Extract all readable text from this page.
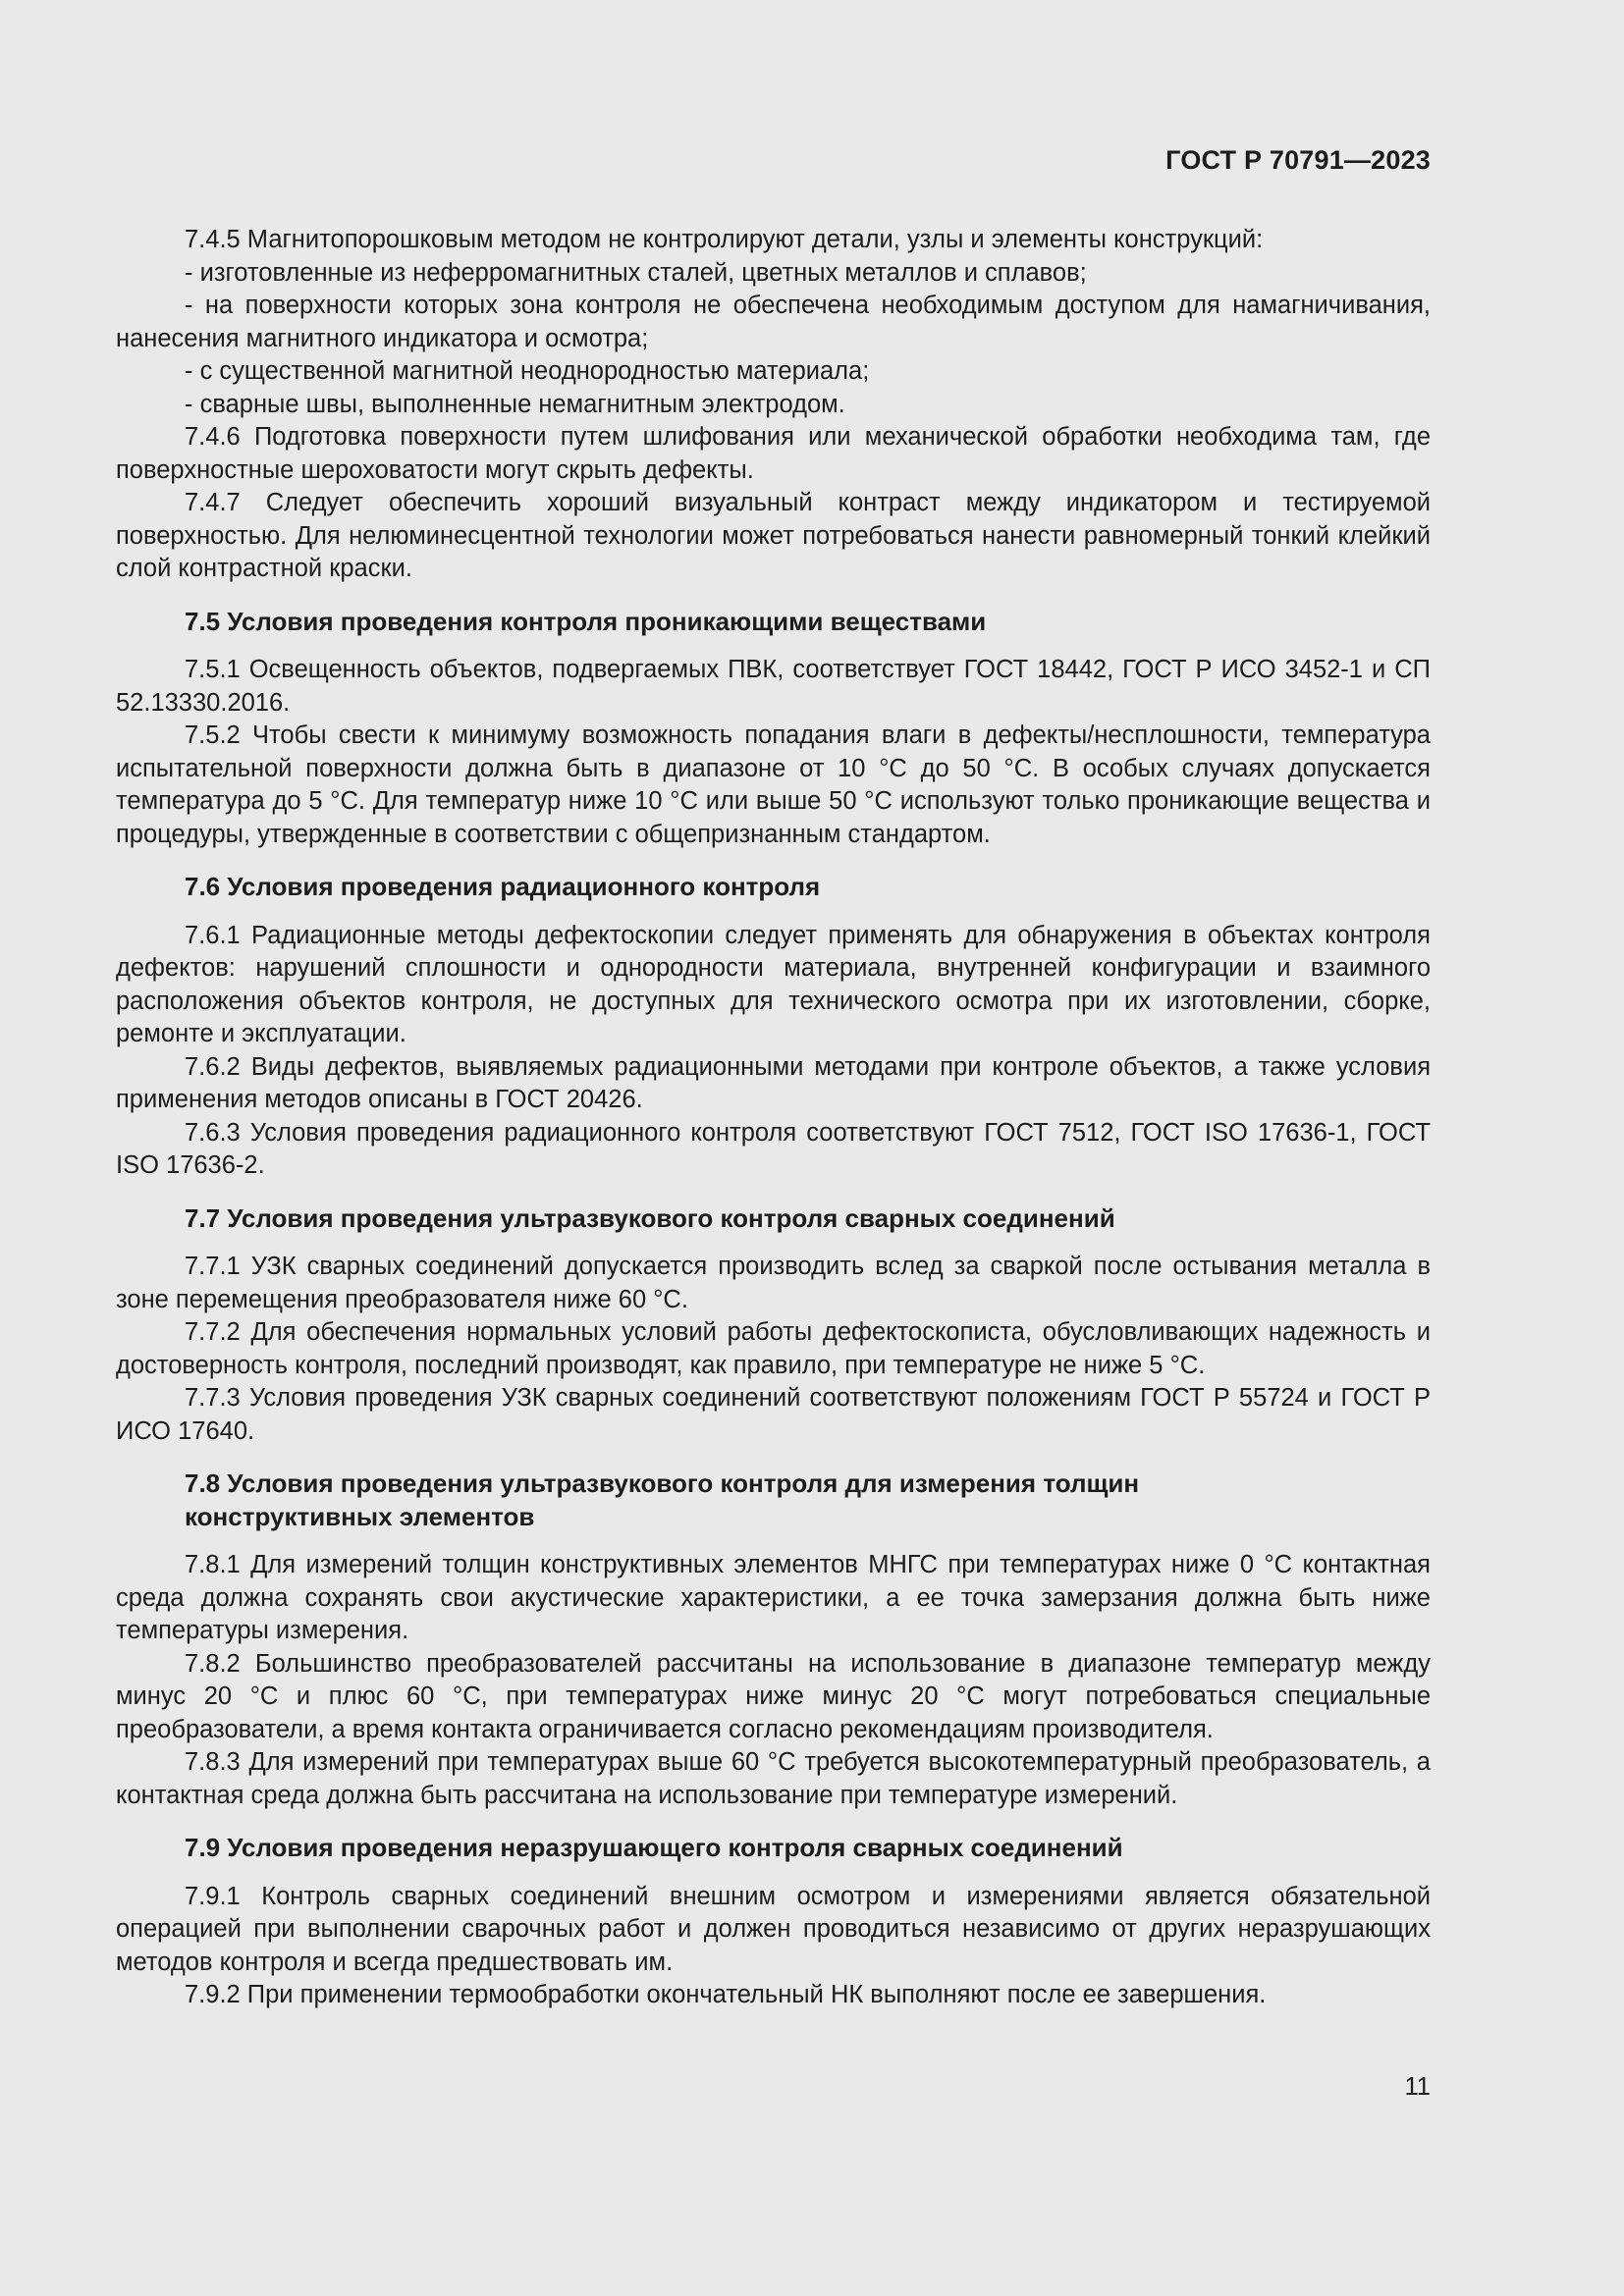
ГОСТ Р 70791—2023

7.4.5 Магнитопорошковым методом не контролируют детали, узлы и элементы конструкций:

- изготовленные из неферромагнитных сталей, цветных металлов и сплавов;

- на поверхности которых зона контроля не обеспечена необходимым доступом для намагничивания, нанесения магнитного индикатора и осмотра;

- с существенной магнитной неоднородностью материала;

- сварные швы, выполненные немагнитным электродом.

7.4.6 Подготовка поверхности путем шлифования или механической обработки необходима там, где поверхностные шероховатости могут скрыть дефекты.

7.4.7 Следует обеспечить хороший визуальный контраст между индикатором и тестируемой поверхностью. Для нелюминесцентной технологии может потребоваться нанести равномерный тонкий клейкий слой контрастной краски.

7.5 Условия проведения контроля проникающими веществами

7.5.1 Освещенность объектов, подвергаемых ПВК, соответствует ГОСТ 18442, ГОСТ Р ИСО 3452-1 и СП 52.13330.2016.

7.5.2 Чтобы свести к минимуму возможность попадания влаги в дефекты/несплошности, температура испытательной поверхности должна быть в диапазоне от 10 °С до 50 °С. В особых случаях допускается температура до 5 °С. Для температур ниже 10 °С или выше 50 °С используют только проникающие вещества и процедуры, утвержденные в соответствии с общепризнанным стандартом.

7.6 Условия проведения радиационного контроля

7.6.1 Радиационные методы дефектоскопии следует применять для обнаружения в объектах контроля дефектов: нарушений сплошности и однородности материала, внутренней конфигурации и взаимного расположения объектов контроля, не доступных для технического осмотра при их изготовлении, сборке, ремонте и эксплуатации.

7.6.2 Виды дефектов, выявляемых радиационными методами при контроле объектов, а также условия применения методов описаны в ГОСТ 20426.

7.6.3 Условия проведения радиационного контроля соответствуют ГОСТ 7512, ГОСТ ISO 17636-1, ГОСТ ISO 17636-2.

7.7 Условия проведения ультразвукового контроля сварных соединений

7.7.1 УЗК сварных соединений допускается производить вслед за сваркой после остывания металла в зоне перемещения преобразователя ниже 60 °С.

7.7.2 Для обеспечения нормальных условий работы дефектоскописта, обусловливающих надежность и достоверность контроля, последний производят, как правило, при температуре не ниже 5 °С.

7.7.3 Условия проведения УЗК сварных соединений соответствуют положениям ГОСТ Р 55724 и ГОСТ Р ИСО 17640.

7.8 Условия проведения ультразвукового контроля для измерения толщин конструктивных элементов

7.8.1 Для измерений толщин конструктивных элементов МНГС при температурах ниже 0 °С контактная среда должна сохранять свои акустические характеристики, а ее точка замерзания должна быть ниже температуры измерения.

7.8.2 Большинство преобразователей рассчитаны на использование в диапазоне температур между минус 20 °С и плюс 60 °С, при температурах ниже минус 20 °С могут потребоваться специальные преобразователи, а время контакта ограничивается согласно рекомендациям производителя.

7.8.3 Для измерений при температурах выше 60 °С требуется высокотемпературный преобразователь, а контактная среда должна быть рассчитана на использование при температуре измерений.

7.9 Условия проведения неразрушающего контроля сварных соединений

7.9.1 Контроль сварных соединений внешним осмотром и измерениями является обязательной операцией при выполнении сварочных работ и должен проводиться независимо от других неразрушающих методов контроля и всегда предшествовать им.

7.9.2 При применении термообработки окончательный НК выполняют после ее завершения.

11
